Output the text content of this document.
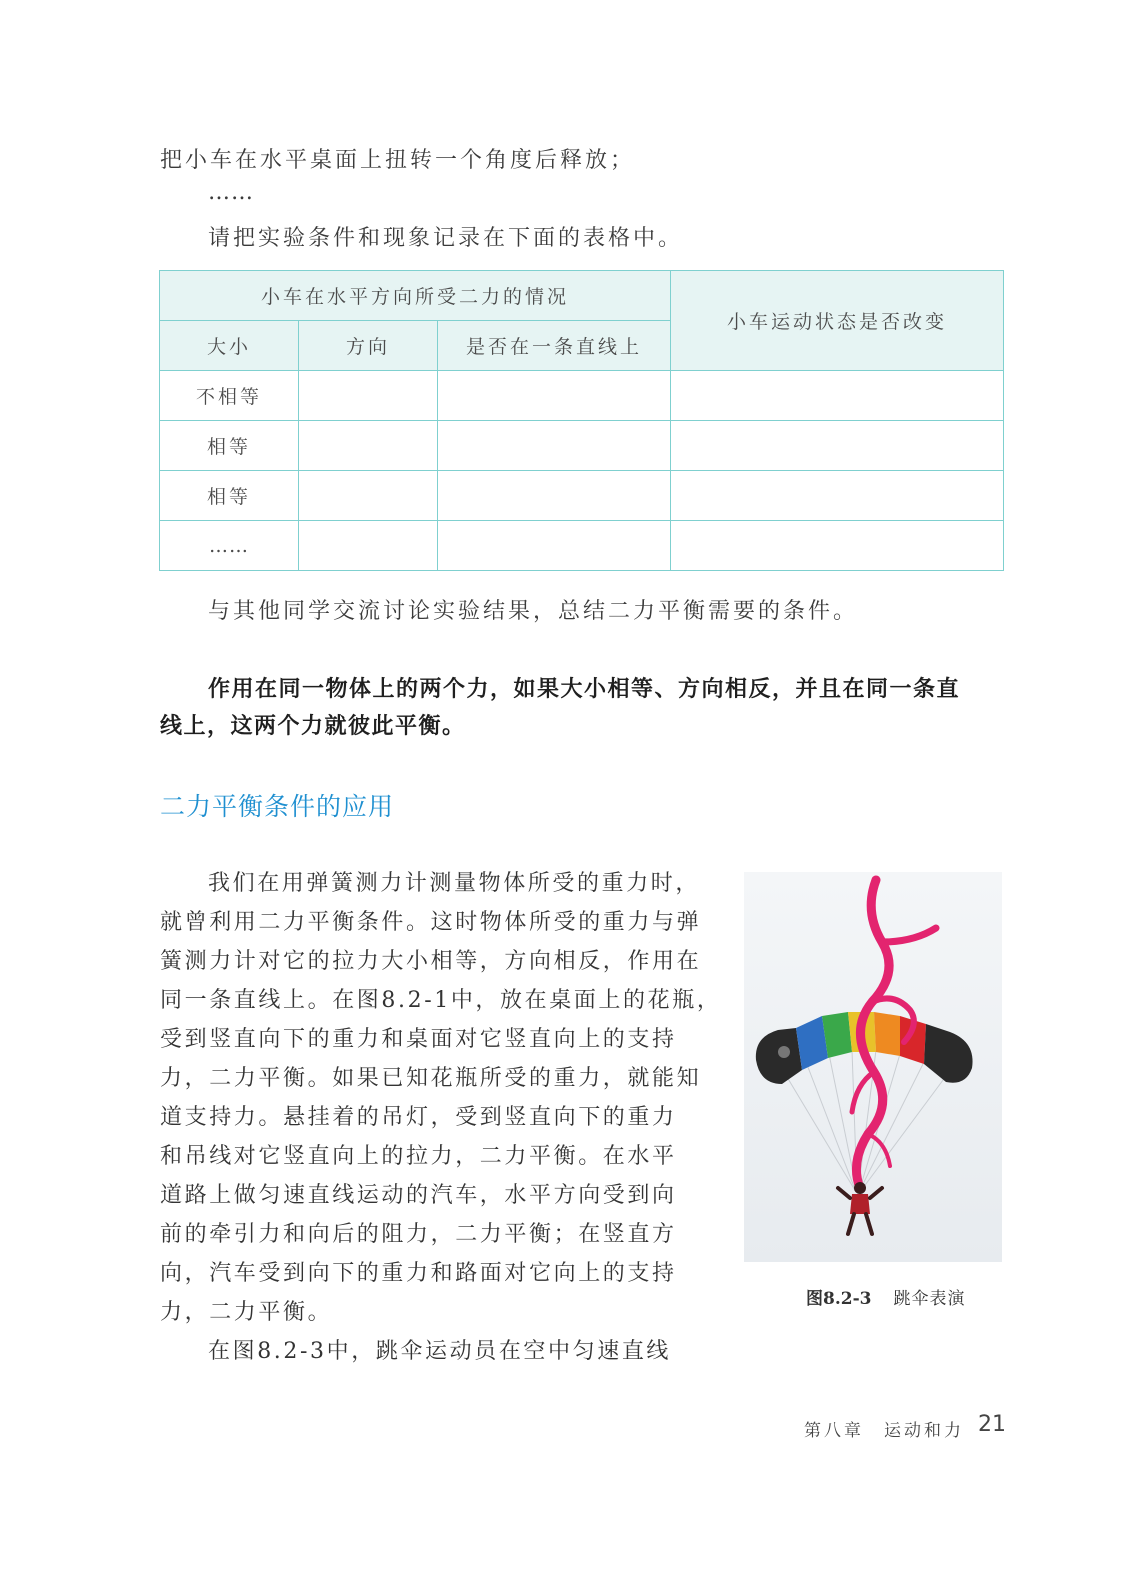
把小车在水平桌面上扭转一个角度后释放；
……
请把实验条件和现象记录在下面的表格中。
小车在水平方向所受二力的情况			小车运动状态是否改变
大小	方向	是否在一条直线上	
不相等			
相等			
相等			
……			
与其他同学交流讨论实验结果，总结二力平衡需要的条件。
作用在同一物体上的两个力，如果大小相等、方向相反，并且在同一条直
线上，这两个力就彼此平衡。
二力平衡条件的应用
我们在用弹簧测力计测量物体所受的重力时，
就曾利用二力平衡条件。这时物体所受的重力与弹
簧测力计对它的拉力大小相等，方向相反，作用在
同一条直线上。在图8.2-1中，放在桌面上的花瓶，
受到竖直向下的重力和桌面对它竖直向上的支持
力，二力平衡。如果已知花瓶所受的重力，就能知
道支持力。悬挂着的吊灯，受到竖直向下的重力
和吊线对它竖直向上的拉力，二力平衡。在水平
道路上做匀速直线运动的汽车，水平方向受到向
前的牵引力和向后的阻力，二力平衡；在竖直方
向，汽车受到向下的重力和路面对它向上的支持
力，二力平衡。
在图8.2-3中，跳伞运动员在空中匀速直线
图8.2-3 跳伞表演
第八章　运动和力 21
